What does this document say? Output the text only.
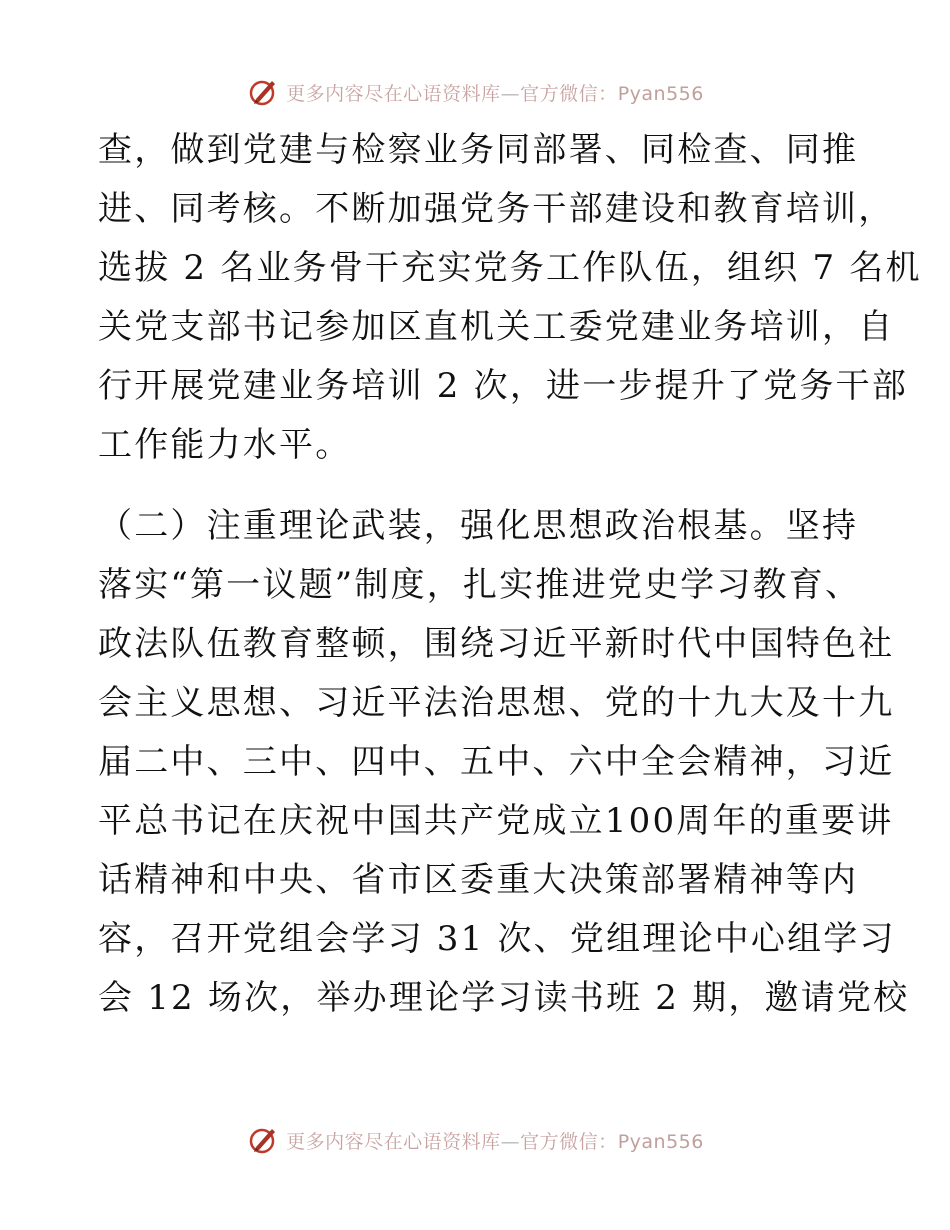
更多内容尽在心语资料库—官方微信：Pyan556
查，做到党建与检察业务同部署、同检查、同推
进、同考核。不断加强党务干部建设和教育培训，
选拔 2 名业务骨干充实党务工作队伍，组织 7 名机
关党支部书记参加区直机关工委党建业务培训，自
行开展党建业务培训 2 次，进一步提升了党务干部
工作能力水平。
（二）注重理论武装，强化思想政治根基。坚持
落实“第一议题”制度，扎实推进党史学习教育、
政法队伍教育整顿，围绕习近平新时代中国特色社
会主义思想、习近平法治思想、党的十九大及十九
届二中、三中、四中、五中、六中全会精神，习近
平总书记在庆祝中国共产党成立100周年的重要讲
话精神和中央、省市区委重大决策部署精神等内
容，召开党组会学习 31 次、党组理论中心组学习
会 12 场次，举办理论学习读书班 2 期，邀请党校
更多内容尽在心语资料库—官方微信：Pyan556
